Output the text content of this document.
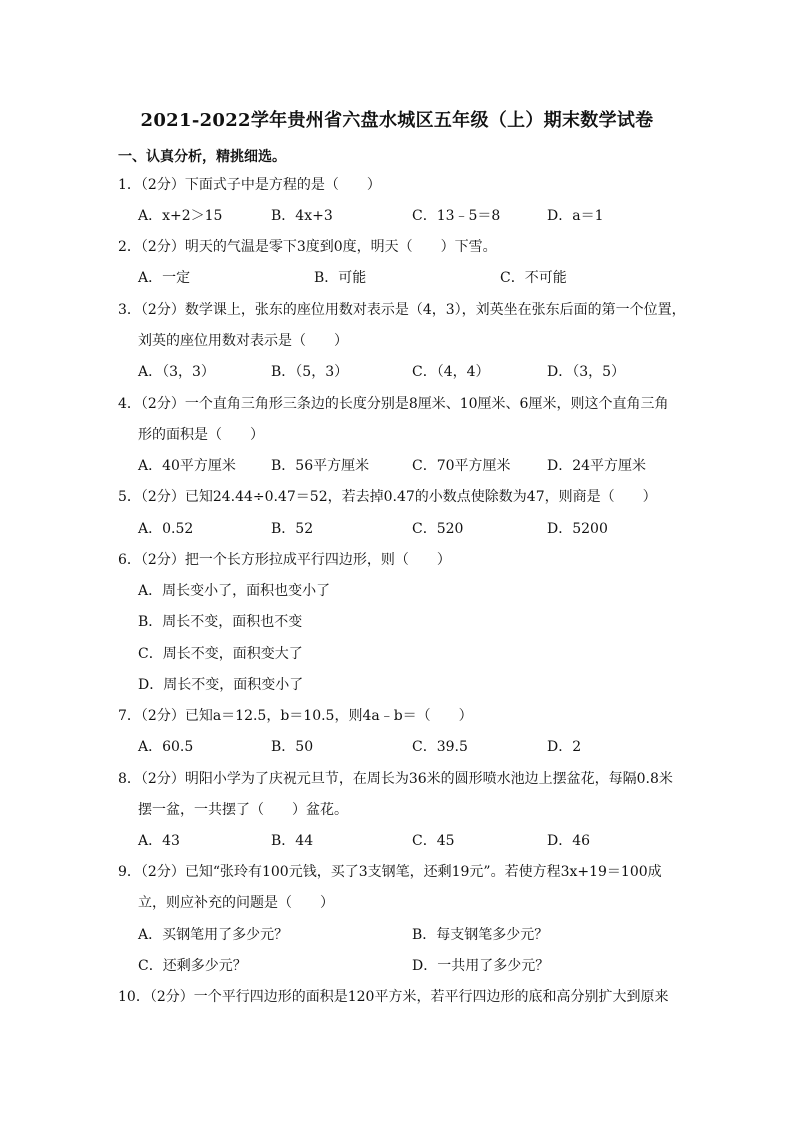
2021-2022学年贵州省六盘水城区五年级（上）期末数学试卷
一、认真分析，精挑细选。
1．（2分）下面式子中是方程的是（　　）
A．x+2＞15	B．4x+3	C．13﹣5＝8	D．a＝1
2．（2分）明天的气温是零下3度到0度，明天（　　）下雪。
A．一定	B．可能	C．不可能
3．（2分）数学课上，张东的座位用数对表示是（4，3），刘英坐在张东后面的第一个位置，
刘英的座位用数对表示是（　　）
A．（3，3）	B．（5，3）	C．（4，4）	D．（3，5）
4．（2分）一个直角三角形三条边的长度分别是8厘米、10厘米、6厘米，则这个直角三角
形的面积是（　　）
A．40平方厘米	B．56平方厘米	C．70平方厘米	D．24平方厘米
5．（2分）已知24.44÷0.47＝52，若去掉0.47的小数点使除数为47，则商是（　　）
A．0.52	B．52	C．520	D．5200
6．（2分）把一个长方形拉成平行四边形，则（　　）
A．周长变小了，面积也变小了
B．周长不变，面积也不变
C．周长不变，面积变大了
D．周长不变，面积变小了
7．（2分）已知a＝12.5，b＝10.5，则4a﹣b＝（　　）
A．60.5	B．50	C．39.5	D．2
8．（2分）明阳小学为了庆祝元旦节，在周长为36米的圆形喷水池边上摆盆花，每隔0.8米
摆一盆，一共摆了（　　）盆花。
A．43	B．44	C．45	D．46
9．（2分）已知“张玲有100元钱，买了3支钢笔，还剩19元”。若使方程3x+19＝100成
立，则应补充的问题是（　　）
A．买钢笔用了多少元？	B．每支钢笔多少元？
C．还剩多少元？	D．一共用了多少元？
10．（2分）一个平行四边形的面积是120平方米，若平行四边形的底和高分别扩大到原来
